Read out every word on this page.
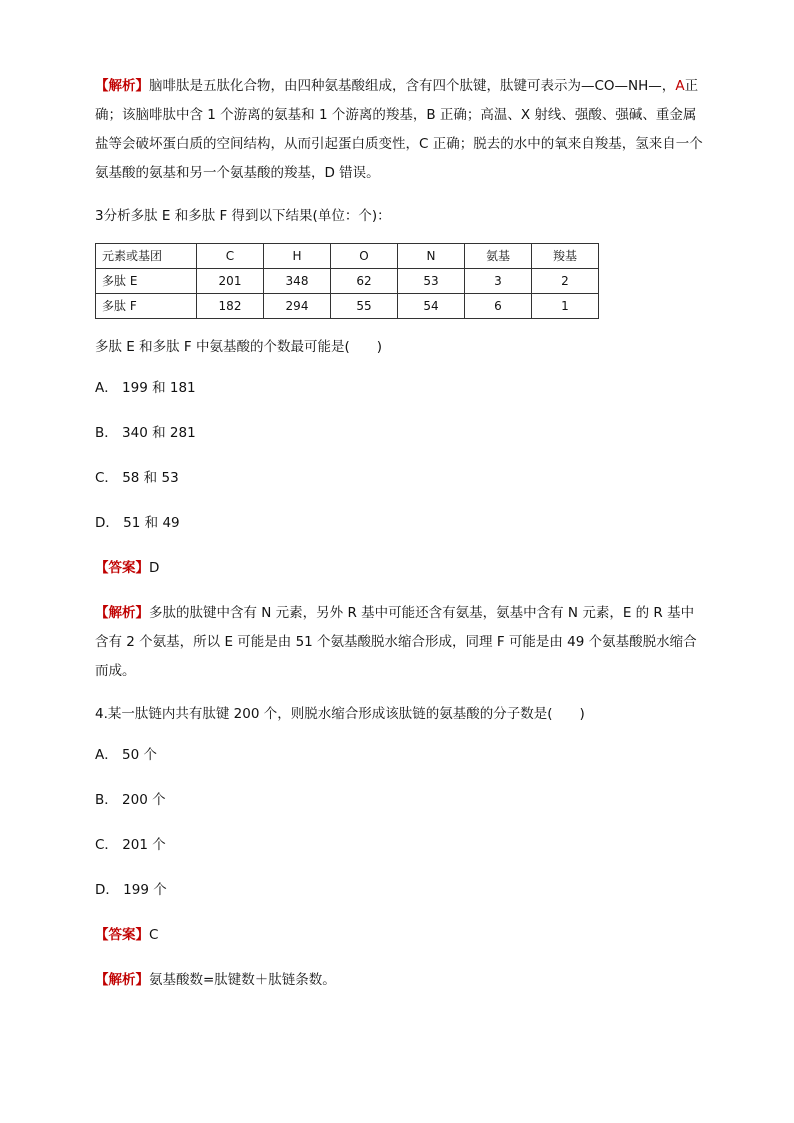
【解析】脑啡肽是五肽化合物，由四种氨基酸组成，含有四个肽键，肽键可表示为—CO—NH—，A正确；该脑啡肽中含 1 个游离的氨基和 1 个游离的羧基，B 正确；高温、X 射线、强酸、强碱、重金属盐等会破坏蛋白质的空间结构，从而引起蛋白质变性，C 正确；脱去的水中的氧来自羧基，氢来自一个氨基酸的氨基和另一个氨基酸的羧基，D 错误。

3分析多肽 E 和多肽 F 得到以下结果(单位：个)：

元素或基团	C	H	O	N	氨基	羧基
多肽 E	201	348	62	53	3	2
多肽 F	182	294	55	54	6	1

多肽 E 和多肽 F 中氨基酸的个数最可能是(　　)

A． 199 和 181

B． 340 和 281

C． 58 和 53

D． 51 和 49

【答案】D

【解析】多肽的肽键中含有 N 元素，另外 R 基中可能还含有氨基，氨基中含有 N 元素，E 的 R 基中含有 2 个氨基，所以 E 可能是由 51 个氨基酸脱水缩合形成，同理 F 可能是由 49 个氨基酸脱水缩合而成。

4.某一肽链内共有肽键 200 个，则脱水缩合形成该肽链的氨基酸的分子数是(　　)

A． 50 个

B． 200 个

C． 201 个

D． 199 个

【答案】C

【解析】氨基酸数=肽键数＋肽链条数。
